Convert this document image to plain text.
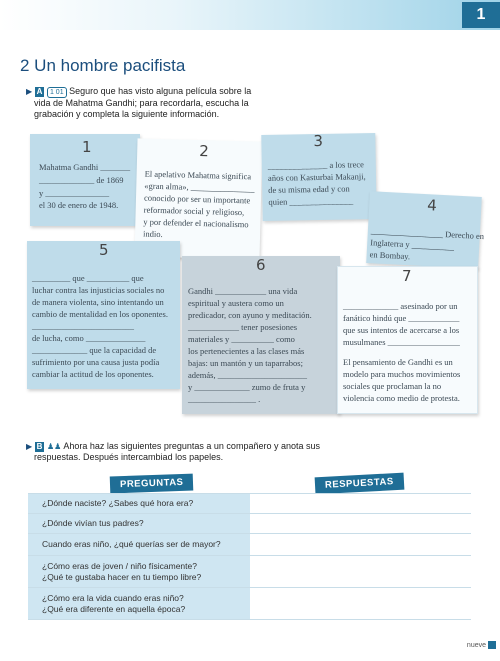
1
2 Un hombre pacifista
▶ A 1 01 Seguro que has visto alguna película sobre la
vida de Mahatma Gandhi; para recordarla, escucha la
grabación y completa la siguiente información.
1
Mahatma Gandhi _______
_____________ de 1869
y _______________
el 30 de enero de 1948.
2
El apelativo Mahatma significa
«gran alma», _______________
conocido por ser un importante
reformador social y religioso,
y por defender el nacionalismo
indio.
3
______________ a los trece
años con Kasturbai Makanji,
de su misma edad y con
quien _______________	4
_________________ Derecho en
Inglaterra y __________
en Bombay.
5
_________ que __________ que
luchar contra las injusticias sociales no
de manera violenta, sino intentando un
cambio de mentalidad en los oponentes.
________________________
de lucha, como ______________
_____________ que la capacidad de
sufrimiento por una causa justa podía
cambiar la actitud de los oponentes.
6
Gandhi ____________ una vida
espiritual y austera como un
predicador, con ayuno y meditación.
____________ tener posesiones
materiales y __________ como
los pertenecientes a las clases más
bajas: un mantón y un taparrabos;
además, _____________________
y _____________ zumo de fruta y
________________ .
7
_____________ asesinado por un
fanático hindú que ____________
que sus intentos de acercarse a los
musulmanes _________________
El pensamiento de Gandhi es un
modelo para muchos movimientos
sociales que proclaman la no
violencia como medio de protesta.
▶ B ♟♟ Ahora haz las siguientes preguntas a un compañero y anota sus
respuestas. Después intercambiad los papeles.
PREGUNTAS	RESPUESTAS
¿Dónde naciste? ¿Sabes qué hora era?
¿Dónde vivían tus padres?
Cuando eras niño, ¿qué querías ser de mayor?
¿Cómo eras de joven / niño físicamente?
¿Qué te gustaba hacer en tu tiempo libre?
¿Cómo era la vida cuando eras niño?
¿Qué era diferente en aquella época?
nueve
